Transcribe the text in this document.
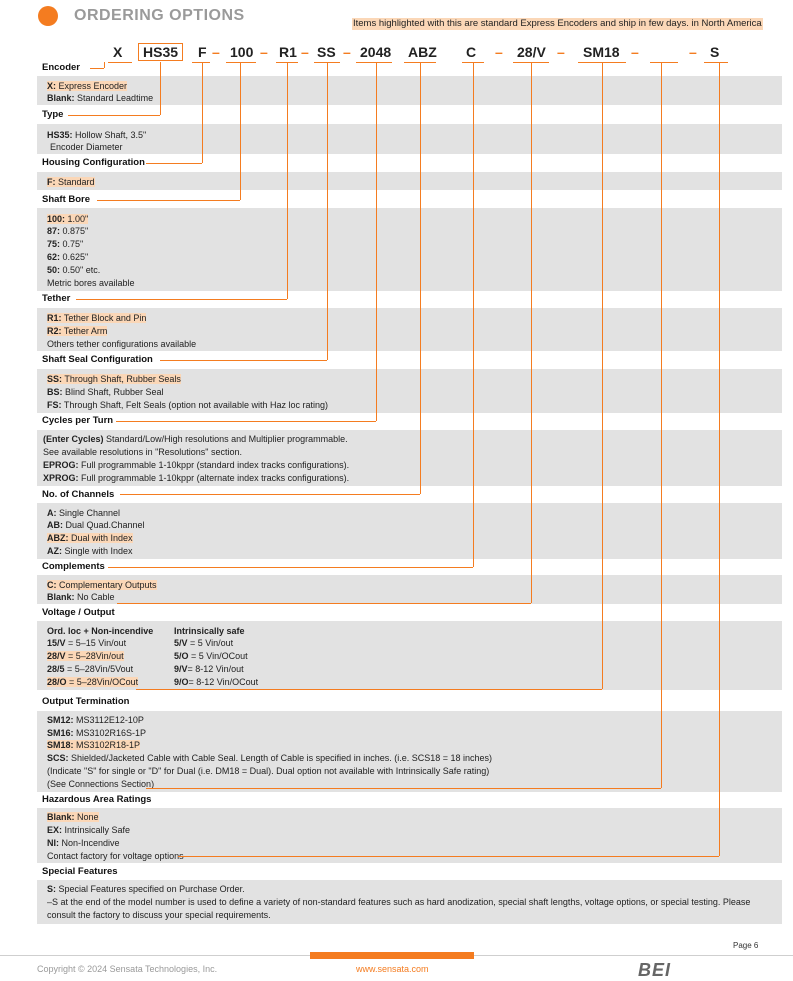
ORDERING OPTIONS	Items highlighted with this are standard Express Encoders and ship in few days. in North America
X	HS35	F – 100 – R1 – SS – 2048 ABZ C – 28/V – SM18 –	– S
Encoder
X: Express Encoder
Blank: Standard Leadtime
Type
HS35: Hollow Shaft, 3.5"
Encoder Diameter
Housing Configuration
F: Standard
Shaft Bore
100: 1.00"
87: 0.875"
75: 0.75"
62: 0.625"
50: 0.50" etc.
Metric bores available
Tether
R1: Tether Block and Pin
R2: Tether Arm
Others tether configurations available
Shaft Seal Configuration
SS: Through Shaft, Rubber Seals
BS: Blind Shaft, Rubber Seal
FS: Through Shaft, Felt Seals (option not available with Haz loc rating)
Cycles per Turn
(Enter Cycles) Standard/Low/High resolutions and Multiplier programmable.
See available resolutions in "Resolutions" section.
EPROG: Full programmable 1-10kppr (standard index tracks configurations).
XPROG: Full programmable 1-10kppr (alternate index tracks configurations).
No. of Channels
A: Single Channel
AB: Dual Quad.Channel
ABZ: Dual with Index
AZ: Single with Index
Complements
C: Complementary Outputs
Blank: No Cable
Voltage / Output
Ord. loc + Non-incendive
15/V = 5–15 Vin/out
28/V = 5–28Vin/out
28/5 = 5–28Vin/5Vout
28/O = 5–28Vin/OCout
Intrinsically safe
5/V = 5 Vin/out
5/O = 5 Vin/OCout
9/V= 8-12 Vin/out
9/O= 8-12 Vin/OCout
Output Termination
SM12: MS3112E12-10P
SM16: MS3102R16S-1P
SM18: MS3102R18-1P
SCS: Shielded/Jacketed Cable with Cable Seal. Length of Cable is specified in inches. (i.e. SCS18 = 18 inches)
(Indicate "S" for single or "D" for Dual (i.e. DM18 = Dual). Dual option not available with Intrinsically Safe rating)
(See Connections Section)
Hazardous Area Ratings
Blank: None
EX: Intrinsically Safe
NI: Non-Incendive
Contact factory for voltage options
Special Features
S: Special Features specified on Purchase Order.
–S at the end of the model number is used to define a variety of non-standard features such as hard anodization, special shaft lengths, voltage options, or special testing. Please
consult the factory to discuss your special requirements.
Page 6
Copyright © 2024 Sensata Technologies, Inc.	www.sensata.com	BEI
